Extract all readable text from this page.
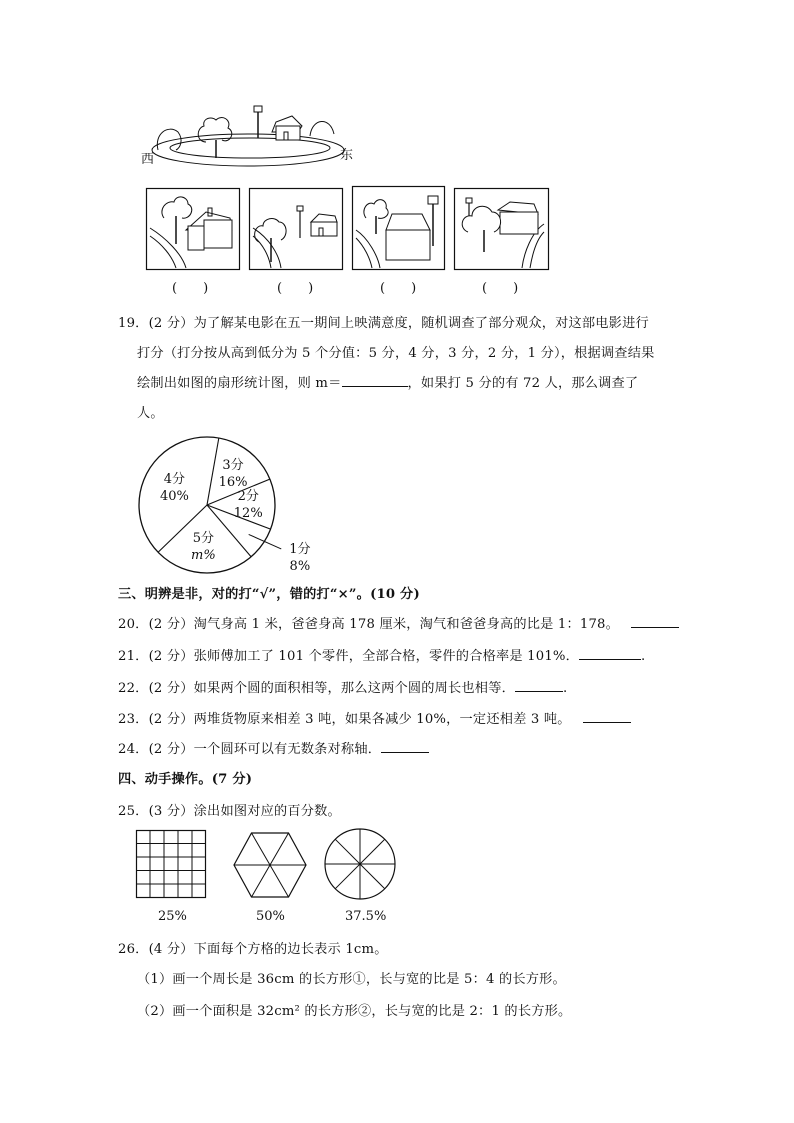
西	东
(　　)	(　　)	(　　)	(　　)
19．(2 分）为了解某电影在五一期间上映满意度，随机调查了部分观众，对这部电影进行
打分（打分按从高到低分为 5 个分值：5 分，4 分，3 分，2 分，1 分），根据调查结果
绘制出如图的扇形统计图，则 m＝	，如果打 5 分的有 72 人，那么调查了
人。
3分
16%
2分
12%
1分
8%
5分
m%
4分
40%
三、明辨是非，对的打“√”，错的打“×”。(10 分)
20．(2 分）淘气身高 1 米，爸爸身高 178 厘米，淘气和爸爸身高的比是 1：178。
21．(2 分）张师傅加工了 101 个零件，全部合格，零件的合格率是 101%．	.
22．(2 分）如果两个圆的面积相等，那么这两个圆的周长也相等．	.
23．(2 分）两堆货物原来相差 3 吨，如果各减少 10%，一定还相差 3 吨。
24．(2 分）一个圆环可以有无数条对称轴．
四、动手操作。(7 分)
25．(3 分）涂出如图对应的百分数。
25%	50%	37.5%
26．(4 分）下面每个方格的边长表示 1cm。
（1）画一个周长是 36cm 的长方形①，长与宽的比是 5：4 的长方形。
（2）画一个面积是 32cm² 的长方形②，长与宽的比是 2：1 的长方形。
